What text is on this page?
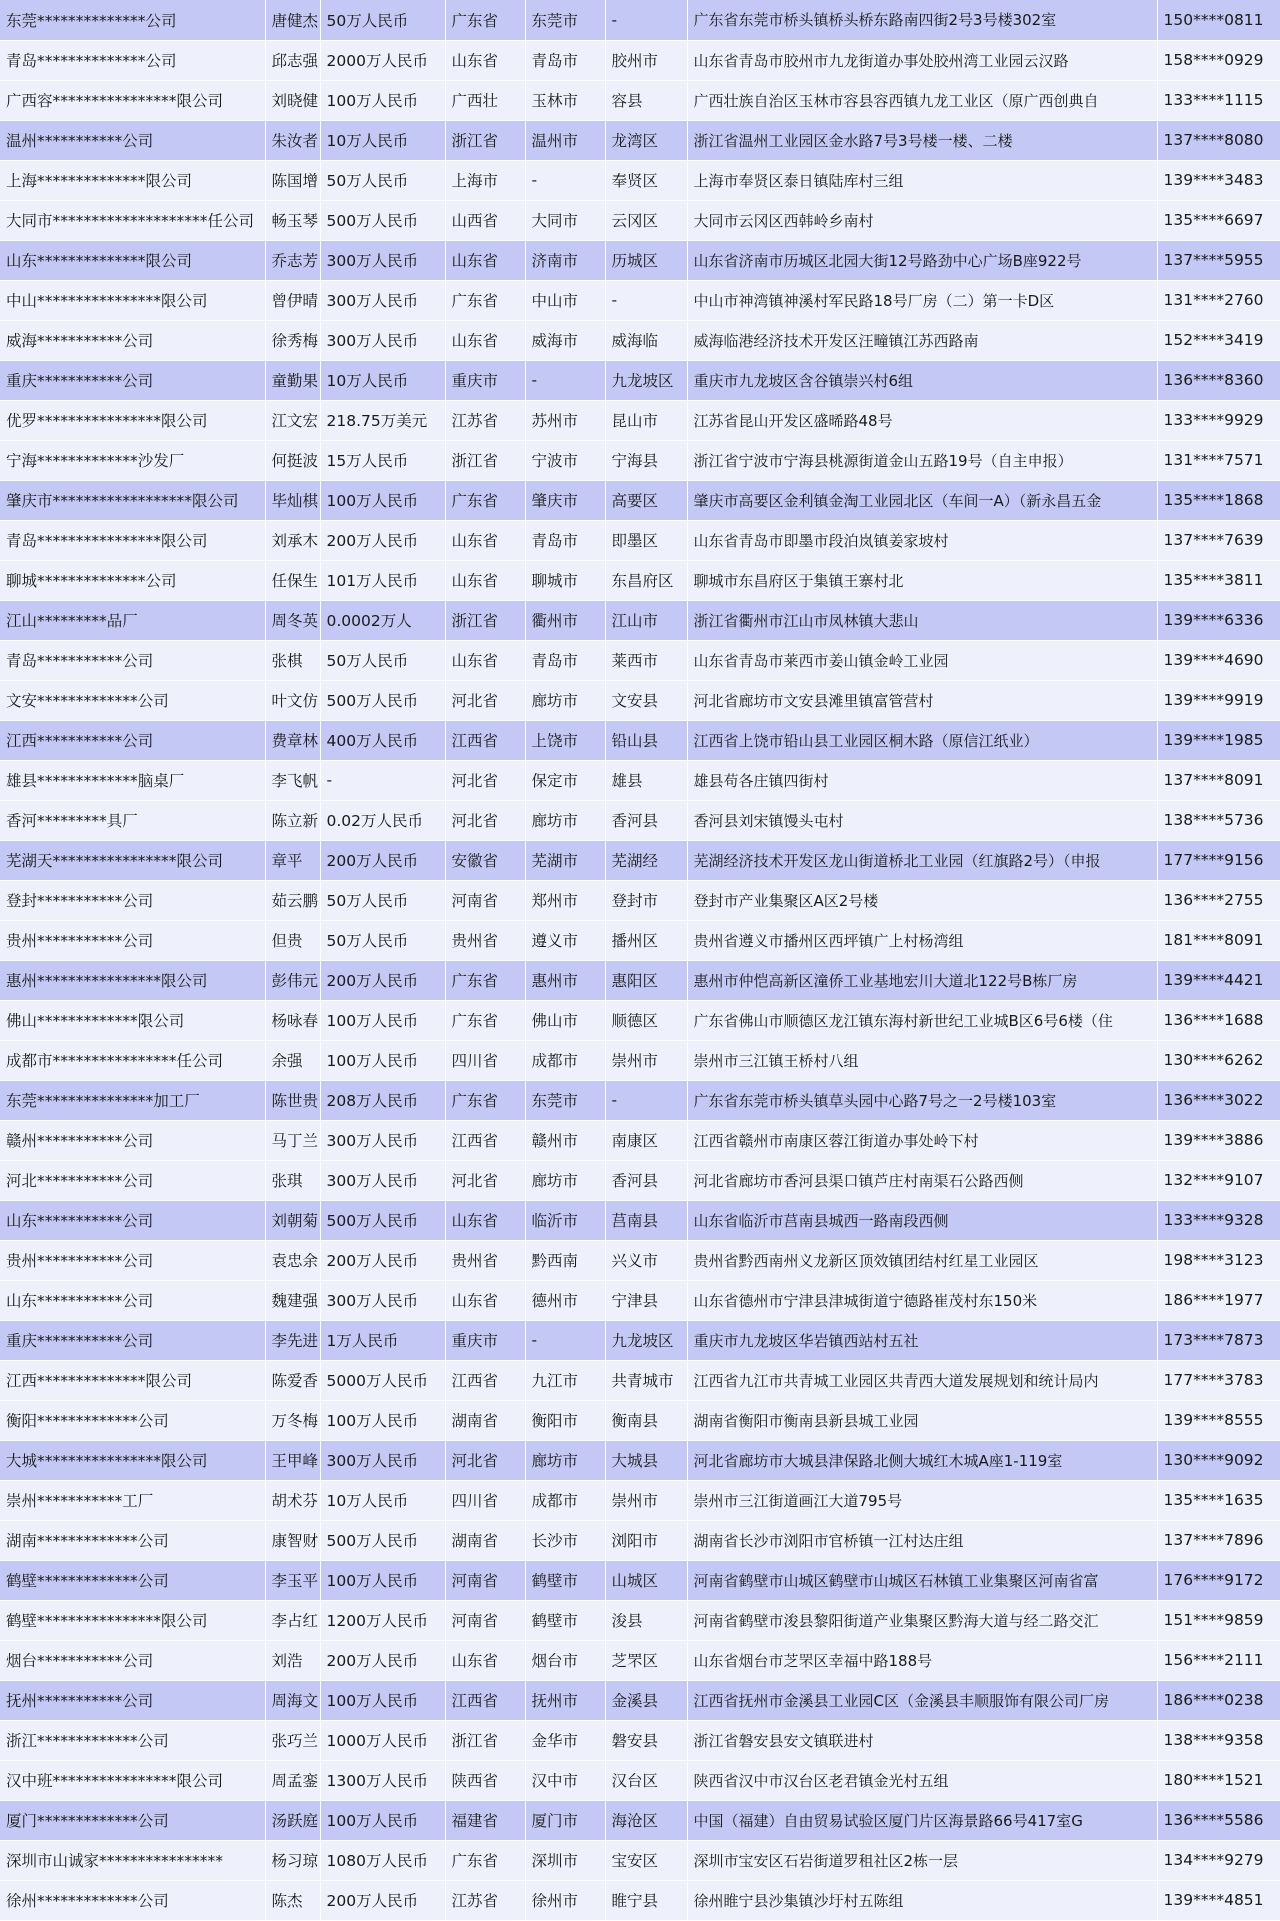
东莞**************公司	唐健杰	50万人民币	广东省	东莞市	-	广东省东莞市桥头镇桥头桥东路南四街2号3号楼302室	150****0811
青岛**************公司	邱志强	2000万人民币	山东省	青岛市	胶州市	山东省青岛市胶州市九龙街道办事处胶州湾工业园云汉路	158****0929
广西容****************限公司	刘晓健	100万人民币	广西壮	玉林市	容县	广西壮族自治区玉林市容县容西镇九龙工业区（原广西创典自	133****1115
温州***********公司	朱汝者	10万人民币	浙江省	温州市	龙湾区	浙江省温州工业园区金水路7号3号楼一楼、二楼	137****8080
上海**************限公司	陈国增	50万人民币	上海市	-	奉贤区	上海市奉贤区泰日镇陆库村三组	139****3483
大同市********************任公司	畅玉琴	500万人民币	山西省	大同市	云冈区	大同市云冈区西韩岭乡南村	135****6697
山东**************限公司	乔志芳	300万人民币	山东省	济南市	历城区	山东省济南市历城区北园大街12号路劲中心广场B座922号	137****5955
中山****************限公司	曾伊晴	300万人民币	广东省	中山市	-	中山市神湾镇神溪村军民路18号厂房（二）第一卡D区	131****2760
威海***********公司	徐秀梅	300万人民币	山东省	威海市	威海临	威海临港经济技术开发区汪疃镇江苏西路南	152****3419
重庆***********公司	童勤果	10万人民币	重庆市	-	九龙坡区	重庆市九龙坡区含谷镇崇兴村6组	136****8360
优罗****************限公司	江文宏	218.75万美元	江苏省	苏州市	昆山市	江苏省昆山开发区盛晞路48号	133****9929
宁海*************沙发厂	何挺波	15万人民币	浙江省	宁波市	宁海县	浙江省宁波市宁海县桃源街道金山五路19号（自主申报）	131****7571
肇庆市******************限公司	毕灿棋	100万人民币	广东省	肇庆市	高要区	肇庆市高要区金利镇金淘工业园北区（车间一A）（新永昌五金	135****1868
青岛****************限公司	刘承木	200万人民币	山东省	青岛市	即墨区	山东省青岛市即墨市段泊岚镇姜家坡村	137****7639
聊城**************公司	任保生	101万人民币	山东省	聊城市	东昌府区	聊城市东昌府区于集镇王寨村北	135****3811
江山*********品厂	周冬英	0.0002万人	浙江省	衢州市	江山市	浙江省衢州市江山市凤林镇大悲山	139****6336
青岛***********公司	张棋	50万人民币	山东省	青岛市	莱西市	山东省青岛市莱西市姜山镇金岭工业园	139****4690
文安*************公司	叶文仿	500万人民币	河北省	廊坊市	文安县	河北省廊坊市文安县滩里镇富管营村	139****9919
江西***********公司	费章林	400万人民币	江西省	上饶市	铅山县	江西省上饶市铅山县工业园区桐木路（原信江纸业）	139****1985
雄县*************脑桌厂	李飞帆	-	河北省	保定市	雄县	雄县苟各庄镇四街村	137****8091
香河*********具厂	陈立新	0.02万人民币	河北省	廊坊市	香河县	香河县刘宋镇馒头屯村	138****5736
芜湖天****************限公司	章平	200万人民币	安徽省	芜湖市	芜湖经	芜湖经济技术开发区龙山街道桥北工业园（红旗路2号）（申报	177****9156
登封***********公司	茹云鹏	50万人民币	河南省	郑州市	登封市	登封市产业集聚区A区2号楼	136****2755
贵州***********公司	但贵	50万人民币	贵州省	遵义市	播州区	贵州省遵义市播州区西坪镇广上村杨湾组	181****8091
惠州****************限公司	彭伟元	200万人民币	广东省	惠州市	惠阳区	惠州市仲恺高新区潼侨工业基地宏川大道北122号B栋厂房	139****4421
佛山*************限公司	杨咏春	100万人民币	广东省	佛山市	顺德区	广东省佛山市顺德区龙江镇东海村新世纪工业城B区6号6楼（住	136****1688
成都市****************任公司	余强	100万人民币	四川省	成都市	崇州市	崇州市三江镇王桥村八组	130****6262
东莞***************加工厂	陈世贵	208万人民币	广东省	东莞市	-	广东省东莞市桥头镇草头园中心路7号之一2号楼103室	136****3022
赣州***********公司	马丁兰	300万人民币	江西省	赣州市	南康区	江西省赣州市南康区蓉江街道办事处岭下村	139****3886
河北***********公司	张琪	300万人民币	河北省	廊坊市	香河县	河北省廊坊市香河县渠口镇芦庄村南渠石公路西侧	132****9107
山东***********公司	刘朝菊	500万人民币	山东省	临沂市	莒南县	山东省临沂市莒南县城西一路南段西侧	133****9328
贵州***********公司	袁忠余	200万人民币	贵州省	黔西南	兴义市	贵州省黔西南州义龙新区顶效镇团结村红星工业园区	198****3123
山东***********公司	魏建强	300万人民币	山东省	德州市	宁津县	山东省德州市宁津县津城街道宁德路崔茂村东150米	186****1977
重庆***********公司	李先进	1万人民币	重庆市	-	九龙坡区	重庆市九龙坡区华岩镇西站村五社	173****7873
江西**************限公司	陈爱香	5000万人民币	江西省	九江市	共青城市	江西省九江市共青城工业园区共青西大道发展规划和统计局内	177****3783
衡阳*************公司	万冬梅	100万人民币	湖南省	衡阳市	衡南县	湖南省衡阳市衡南县新县城工业园	139****8555
大城****************限公司	王甲峰	300万人民币	河北省	廊坊市	大城县	河北省廊坊市大城县津保路北侧大城红木城A座1-119室	130****9092
崇州***********工厂	胡术芬	10万人民币	四川省	成都市	崇州市	崇州市三江街道画江大道795号	135****1635
湖南*************公司	康智财	500万人民币	湖南省	长沙市	浏阳市	湖南省长沙市浏阳市官桥镇一江村达庄组	137****7896
鹤壁*************公司	李玉平	100万人民币	河南省	鹤壁市	山城区	河南省鹤壁市山城区鹤壁市山城区石林镇工业集聚区河南省富	176****9172
鹤壁****************限公司	李占红	1200万人民币	河南省	鹤壁市	浚县	河南省鹤壁市浚县黎阳街道产业集聚区黔海大道与经二路交汇	151****9859
烟台***********公司	刘浩	200万人民币	山东省	烟台市	芝罘区	山东省烟台市芝罘区幸福中路188号	156****2111
抚州***********公司	周海文	100万人民币	江西省	抚州市	金溪县	江西省抚州市金溪县工业园C区（金溪县丰顺服饰有限公司厂房	186****0238
浙江*************公司	张巧兰	1000万人民币	浙江省	金华市	磐安县	浙江省磐安县安文镇联进村	138****9358
汉中班****************限公司	周孟銮	1300万人民币	陕西省	汉中市	汉台区	陕西省汉中市汉台区老君镇金光村五组	180****1521
厦门*************公司	汤跃庭	100万人民币	福建省	厦门市	海沧区	中国（福建）自由贸易试验区厦门片区海景路66号417室G	136****5586
深圳市山诚家****************	杨习琼	1080万人民币	广东省	深圳市	宝安区	深圳市宝安区石岩街道罗租社区2栋一层	134****9279
徐州*************公司	陈杰	200万人民币	江苏省	徐州市	睢宁县	徐州睢宁县沙集镇沙圩村五陈组	139****4851
